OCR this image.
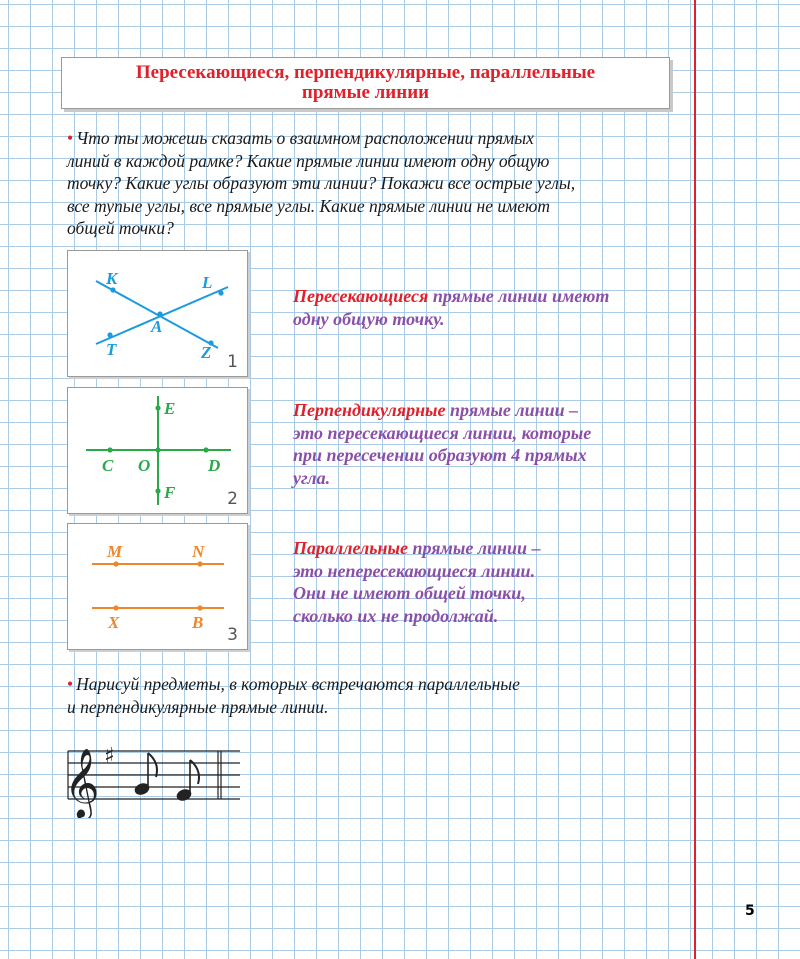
Пересекающиеся, перпендикулярные, параллельные
прямые линии
• Что ты можешь сказать о взаимном расположении прямых
линий в каждой рамке? Какие прямые линии имеют одну общую
точку? Какие углы образуют эти линии? Покажи все острые углы,
все тупые углы, все прямые углы. Какие прямые линии не имеют
общей точки?
K	L
A
T	Z 1
E
C O	D
F	2
M	N
X	B
3
Пересекающиеся прямые линии имеют
одну общую точку.
Перпендикулярные прямые линии –
это пересекающиеся линии, которые
при пересечении образуют 4 прямых
угла.
Параллельные прямые линии –
это непересекающиеся линии.
Они не имеют общей точки,
сколько их не продолжай.
• Нарисуй предметы, в которых встречаются параллельные
и перпендикулярные прямые линии.
𝄞 ♯
5
